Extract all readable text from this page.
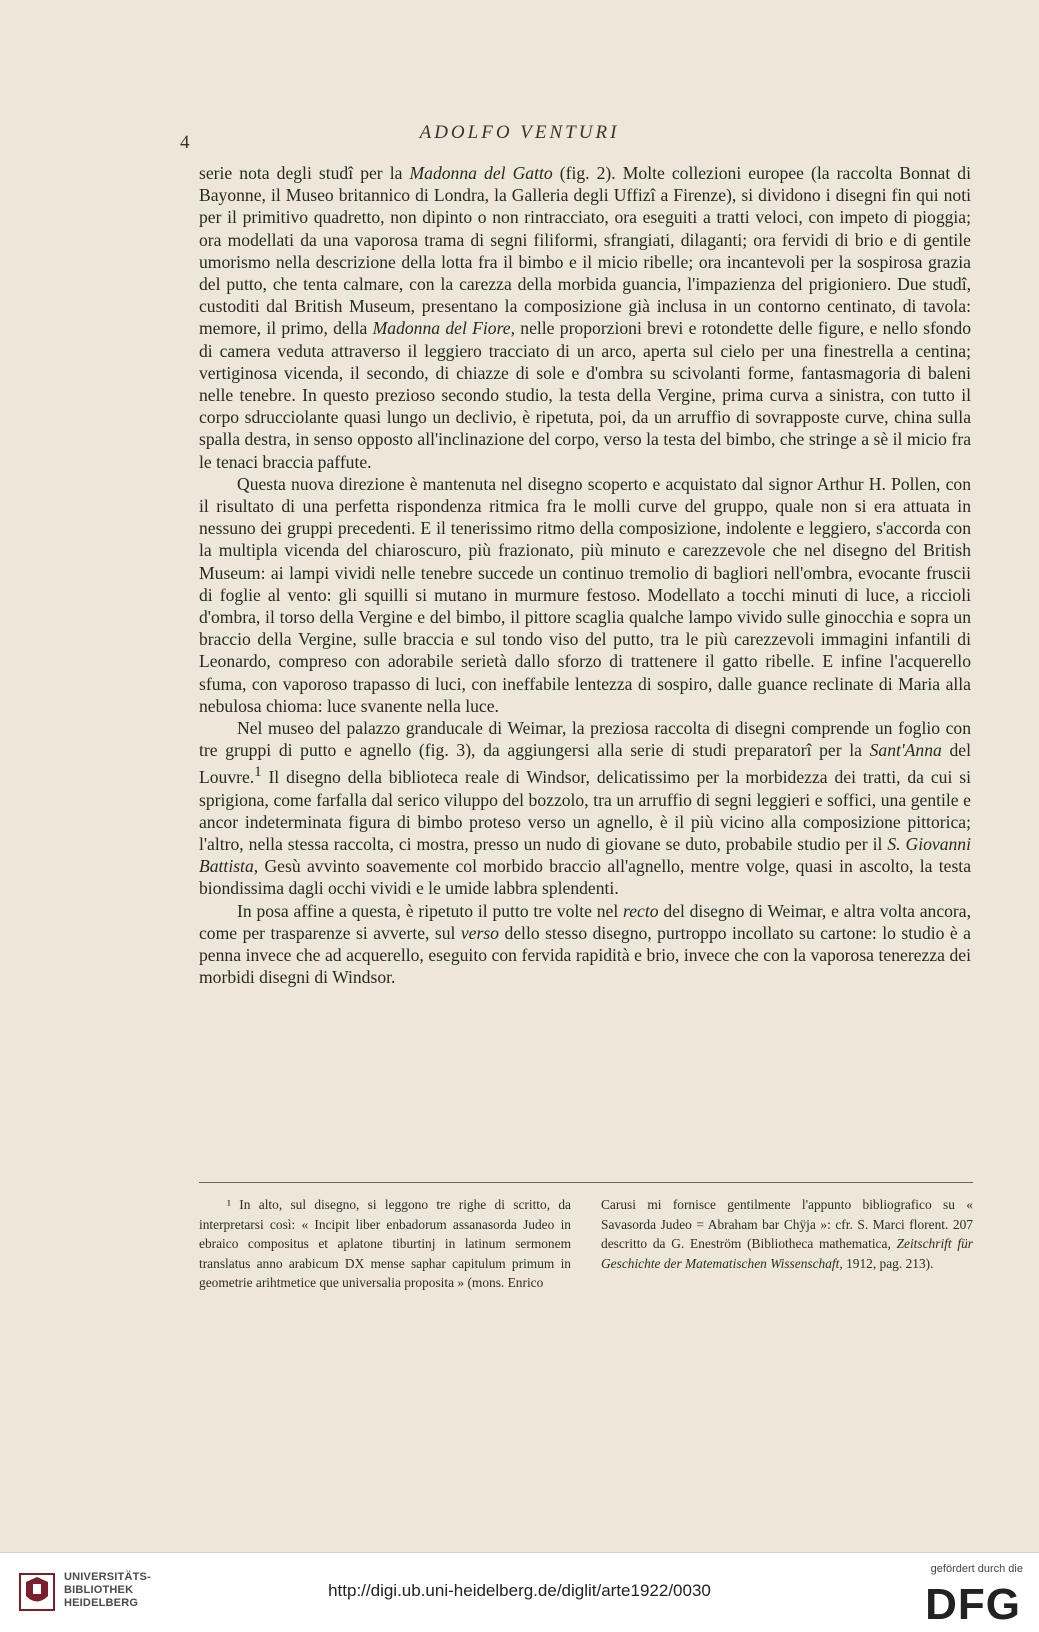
4	ADOLFO VENTURI

serie nota degli studî per la Madonna del Gatto (fig. 2). Molte collezioni europee (la raccolta Bonnat di Bayonne, il Museo britannico di Londra, la Galleria degli Uffizî a Firenze), si dividono i disegni fin qui noti per il primitivo quadretto, non dipinto o non rintracciato, ora eseguiti a tratti veloci, con impeto di pioggia; ora modellati da una vaporosa trama di segni filiformi, sfrangiati, dilaganti; ora fervidi di brio e di gentile umorismo nella descrizione della lotta fra il bimbo e il micio ribelle; ora incantevoli per la sospirosa grazia del putto, che tenta calmare, con la carezza della morbida guancia, l'impazienza del prigioniero. Due studî, custoditi dal British Museum, presentano la composizione già inclusa in un contorno centinato, di tavola: memore, il primo, della Madonna del Fiore, nelle proporzioni brevi e rotondette delle figure, e nello sfondo di camera veduta attraverso il leggiero tracciato di un arco, aperta sul cielo per una finestrella a centina; vertiginosa vicenda, il secondo, di chiazze di sole e d'ombra su scivolanti forme, fantasmagoria di baleni nelle tenebre. In questo prezioso secondo studio, la testa della Vergine, prima curva a sinistra, con tutto il corpo sdrucciolante quasi lungo un declivio, è ripetuta, poi, da un arruffio di sovrapposte curve, china sulla spalla destra, in senso opposto all'inclinazione del corpo, verso la testa del bimbo, che stringe a sè il micio fra le tenaci braccia paffute.

Questa nuova direzione è mantenuta nel disegno scoperto e acquistato dal signor Arthur H. Pollen, con il risultato di una perfetta rispondenza ritmica fra le molli curve del gruppo, quale non si era attuata in nessuno dei gruppi precedenti. E il tenerissimo ritmo della composizione, indolente e leggiero, s'accorda con la multipla vicenda del chiaroscuro, più frazionato, più minuto e carezzevole che nel disegno del British Museum: ai lampi vividi nelle tenebre succede un continuo tremolio di bagliori nell'ombra, evocante fruscii di foglie al vento: gli squilli si mutano in murmure festoso. Modellato a tocchi minuti di luce, a riccioli d'ombra, il torso della Vergine e del bimbo, il pittore scaglia qualche lampo vivido sulle ginocchia e sopra un braccio della Vergine, sulle braccia e sul tondo viso del putto, tra le più carezzevoli immagini infantili di Leonardo, compreso con adorabile serietà dallo sforzo di trattenere il gatto ribelle. E infine l'acquerello sfuma, con vaporoso trapasso di luci, con ineffabile lentezza di sospiro, dalle guance reclinate di Maria alla nebulosa chioma: luce svanente nella luce.

Nel museo del palazzo granducale di Weimar, la preziosa raccolta di disegni comprende un foglio con tre gruppi di putto e agnello (fig. 3), da aggiungersi alla serie di studi preparatorî per la Sant'Anna del Louvre.$^1$ Il disegno della biblioteca reale di Windsor, delicatissimo per la morbidezza dei tratti, da cui si sprigiona, come farfalla dal serico viluppo del bozzolo, tra un arruffio di segni leggieri e soffici, una gentile e ancor indeterminata figura di bimbo proteso verso un agnello, è il più vicino alla composizione pittorica; l'altro, nella stessa raccolta, ci mostra, presso un nudo di giovane se duto, probabile studio per il S. Giovanni Battista, Gesù avvinto soavemente col morbido braccio all'agnello, mentre volge, quasi in ascolto, la testa biondissima dagli occhi vividi e le umide labbra splendenti.

In posa affine a questa, è ripetuto il putto tre volte nel recto del disegno di Weimar, e altra volta ancora, come per trasparenze si avverte, sul verso dello stesso disegno, purtroppo incollato su cartone: lo studio è a penna invece che ad acquerello, eseguito con fervida rapidità e brio, invece che con la vaporosa tenerezza dei morbidi disegni di Windsor.

¹ In alto, sul disegno, si leggono tre righe di scritto, da interpretarsi così: « Incipit liber enbadorum assanasorda Judeo in ebraico compositus et aplatone tiburtinj in latinum sermonem translatus anno arabicum DX mense saphar capitulum primum in geometrie arihtmetice que universalia proposita » (mons. Enrico

Carusi mi fornisce gentilmente l'appunto bibliografico su « Savasorda Judeo = Abraham bar Chÿja »: cfr. S. Marci florent. 207 descritto da G. Eneström (Bibliotheca mathematica, Zeitschrift für Geschichte der Matematischen Wissenschaft, 1912, pag. 213).

UNIVERSITÄTS-
BIBLIOTHEK
HEIDELBERG
http://digi.ub.uni-heidelberg.de/diglit/arte1922/0030
gefördert durch die
DFG
